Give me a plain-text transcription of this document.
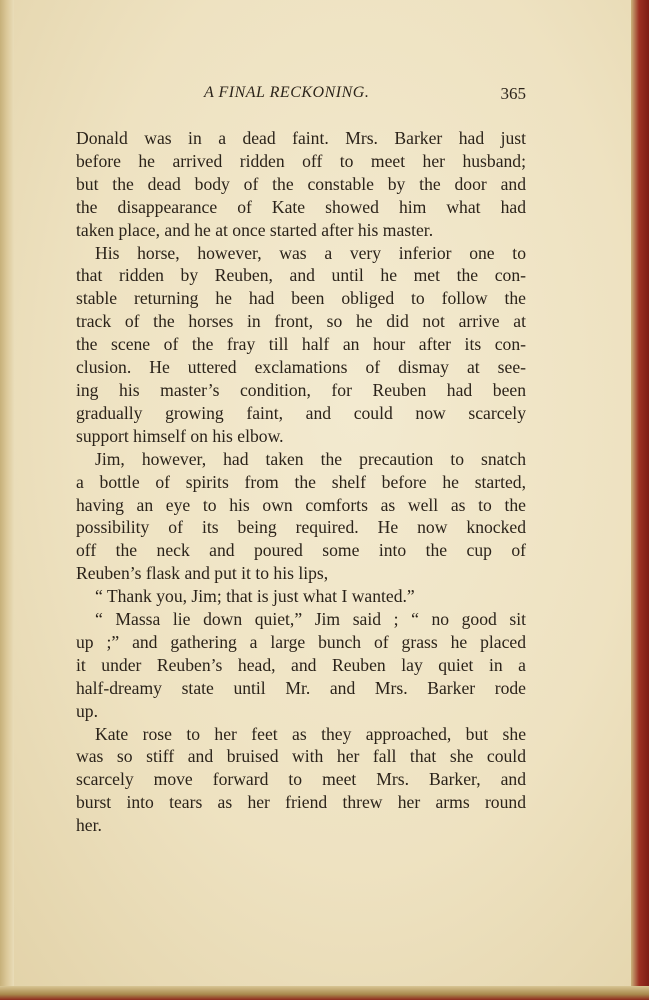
A FINAL RECKONING.	365

Donald was in a dead faint. Mrs. Barker had just

before he arrived ridden off to meet her husband;

but the dead body of the constable by the door and

the disappearance of Kate showed him what had

taken place, and he at once started after his master.

His horse, however, was a very inferior one to

that ridden by Reuben, and until he met the con-

stable returning he had been obliged to follow the

track of the horses in front, so he did not arrive at

the scene of the fray till half an hour after its con-

clusion. He uttered exclamations of dismay at see-

ing his master’s condition, for Reuben had been

gradually growing faint, and could now scarcely

support himself on his elbow.

Jim, however, had taken the precaution to snatch

a bottle of spirits from the shelf before he started,

having an eye to his own comforts as well as to the

possibility of its being required. He now knocked

off the neck and poured some into the cup of

Reuben’s flask and put it to his lips,

“ Thank you, Jim; that is just what I wanted.”

“ Massa lie down quiet,” Jim said ; “ no good sit

up ;” and gathering a large bunch of grass he placed

it under Reuben’s head, and Reuben lay quiet in a

half-dreamy state until Mr. and Mrs. Barker rode

up.

Kate rose to her feet as they approached, but she

was so stiff and bruised with her fall that she could

scarcely move forward to meet Mrs. Barker, and

burst into tears as her friend threw her arms round

her.
